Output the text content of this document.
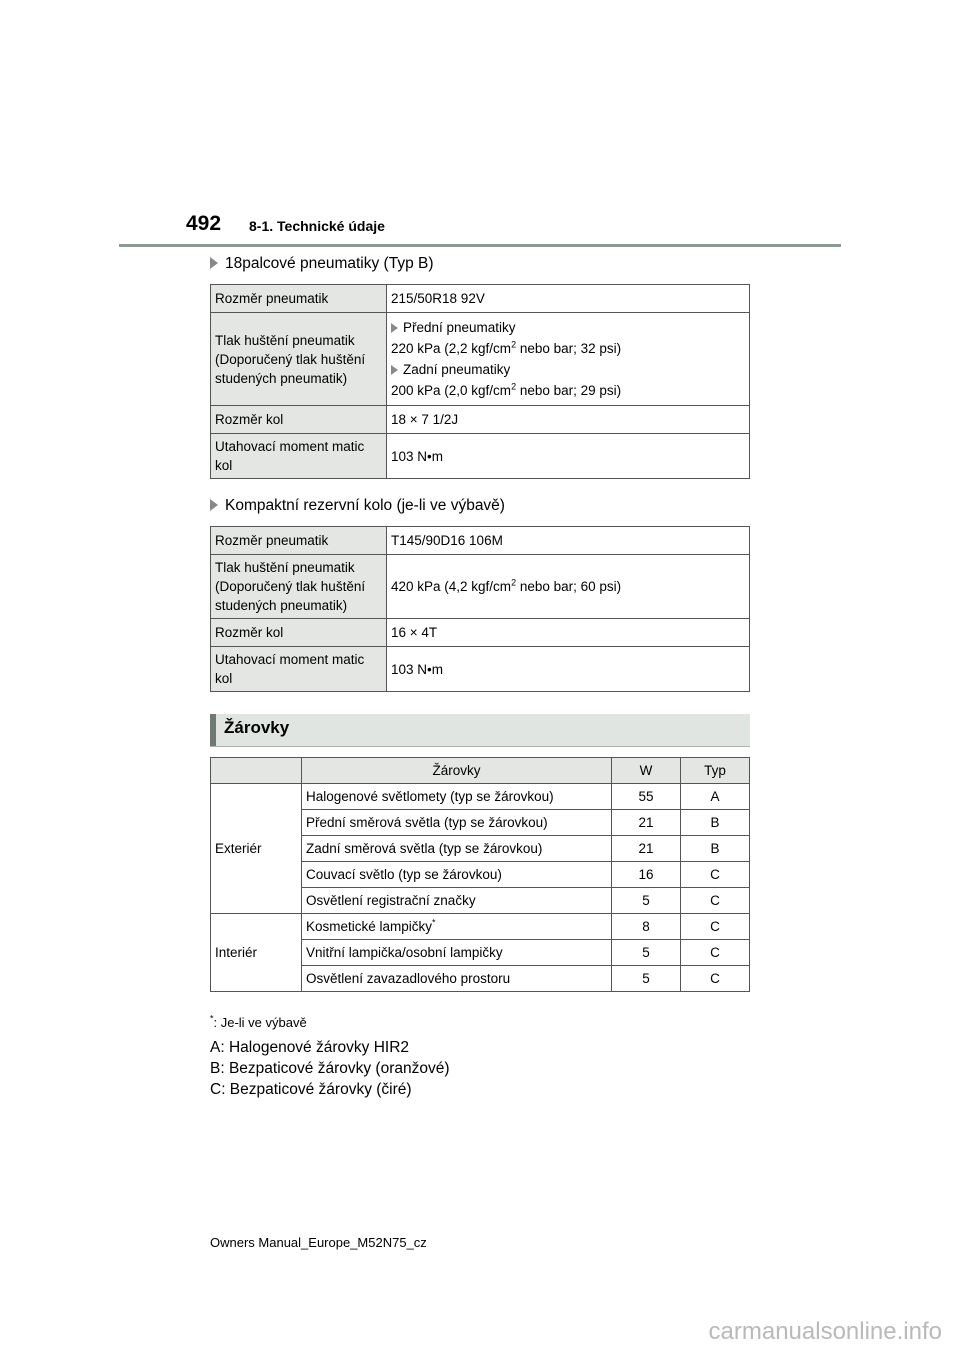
492 8-1. Technické údaje
18palcové pneumatiky (Typ B)
Rozměr pneumatik	215/50R18 92V
Tlak huštění pneumatik (Doporučený tlak huštění studených pneumatik)	Přední pneumatiky

220 kPa (2,2 kgf/$cm^2$ nebo bar; 32 psi)

Zadní pneumatiky

200 kPa (2,0 kgf/$cm^2$ nebo bar; 29 psi)

Rozměr kol	18 × 7 1/2J
Utahovací moment matic kol	103 N•m
Kompaktní rezervní kolo (je-li ve výbavě)
Rozměr pneumatik	T145/90D16 106M
Tlak huštění pneumatik (Doporučený tlak huštění studených pneumatik)	420 kPa (4,2 kgf/$cm^2$ nebo bar; 60 psi)
Rozměr kol	16 × 4T
Utahovací moment matic kol	103 N•m
Žárovky
	Žárovky	W	Typ
Exteriér	Halogenové světlomety (typ se žárovkou)	55	A
	Přední směrová světla (typ se žárovkou)	21	B
	Zadní směrová světla (typ se žárovkou)	21	B
	Couvací světlo (typ se žárovkou)	16	C
	Osvětlení registrační značky	5	C
Interiér	Kosmetické lampičky*	8	C
	Vnitřní lampička/osobní lampičky	5	C
	Osvětlení zavazadlového prostoru	5	C
*: Je-li ve výbavě
A: Halogenové žárovky HIR2
B: Bezpaticové žárovky (oranžové)
C: Bezpaticové žárovky (čiré)
Owners Manual_Europe_M52N75_cz
carmanualsonline.info
